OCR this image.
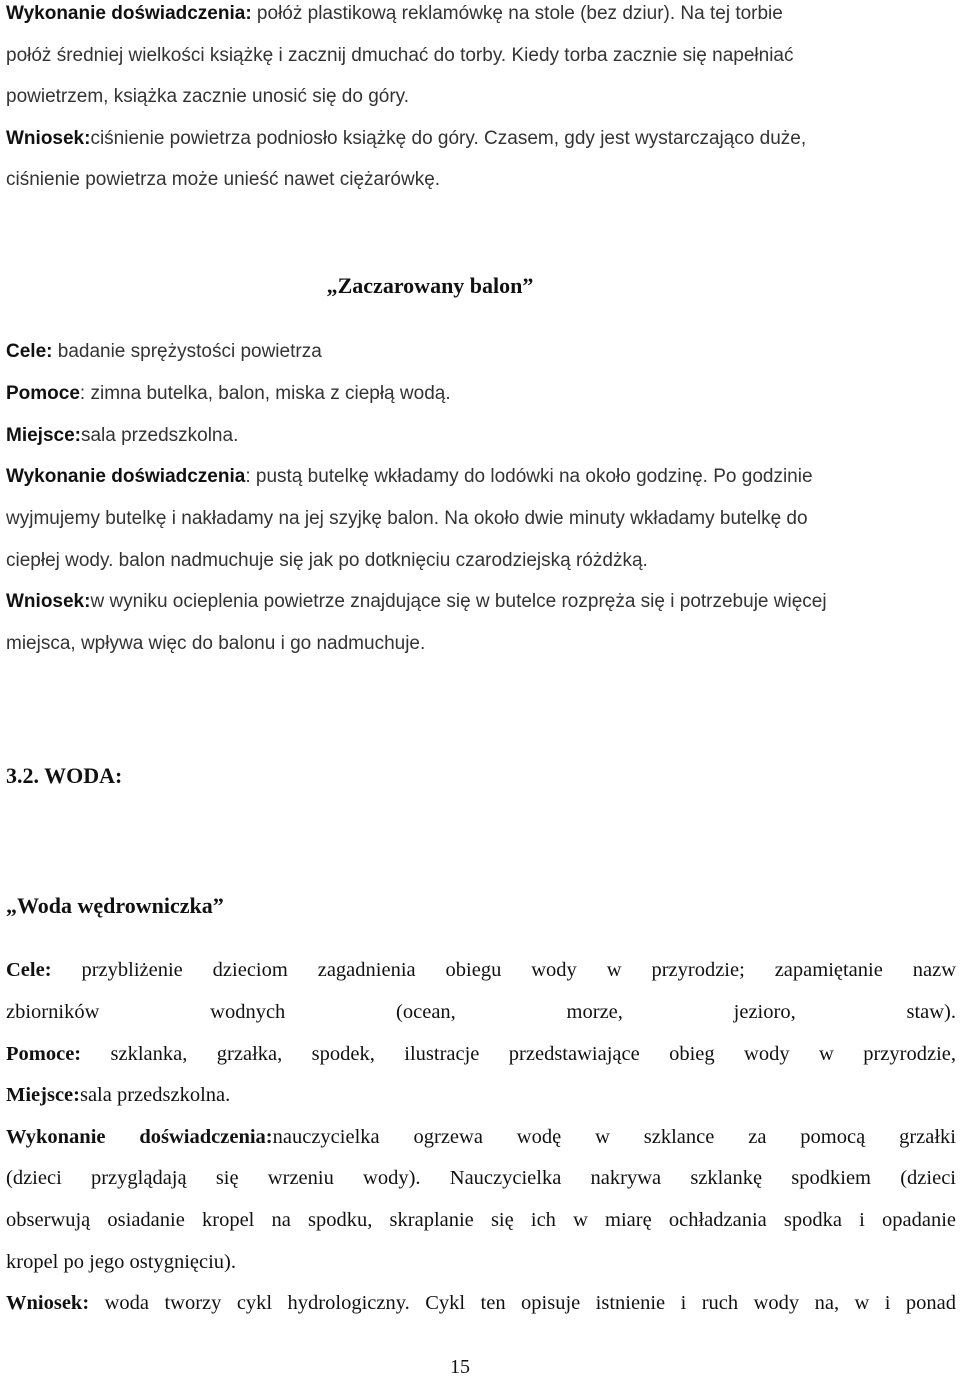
Wykonanie doświadczenia: połóż plastikową reklamówkę na stole (bez dziur). Na tej torbie
połóż średniej wielkości książkę i zacznij dmuchać do torby. Kiedy torba zacznie się napełniać
powietrzem, książka zacznie unosić się do góry.
Wniosek:ciśnienie powietrza podniosło książkę do góry. Czasem, gdy jest wystarczająco duże,
ciśnienie powietrza może unieść nawet ciężarówkę.
„Zaczarowany balon”
Cele: badanie sprężystości powietrza
Pomoce: zimna butelka, balon, miska z ciepłą wodą.
Miejsce:sala przedszkolna.
Wykonanie doświadczenia: pustą butelkę wkładamy do lodówki na około godzinę. Po godzinie
wyjmujemy butelkę i nakładamy na jej szyjkę balon. Na około dwie minuty wkładamy butelkę do
ciepłej wody. balon nadmuchuje się jak po dotknięciu czarodziejską różdżką.
Wniosek:w wyniku ocieplenia powietrze znajdujące się w butelce rozpręża się i potrzebuje więcej
miejsca, wpływa więc do balonu i go nadmuchuje.
3.2. WODA:
„Woda wędrowniczka”
Cele: przybliżenie dzieciom zagadnienia obiegu wody w przyrodzie; zapamiętanie nazw
zbiorników wodnych (ocean, morze, jezioro, staw).
Pomoce: szklanka, grzałka, spodek, ilustracje przedstawiające obieg wody w przyrodzie,
Miejsce:sala przedszkolna.
Wykonanie doświadczenia:nauczycielka ogrzewa wodę w szklance za pomocą grzałki
(dzieci przyglądają się wrzeniu wody). Nauczycielka nakrywa szklankę spodkiem (dzieci
obserwują osiadanie kropel na spodku, skraplanie się ich w miarę ochładzania spodka i opadanie
kropel po jego ostygnięciu).
Wniosek: woda tworzy cykl hydrologiczny. Cykl ten opisuje istnienie i ruch wody na, w i ponad
15
